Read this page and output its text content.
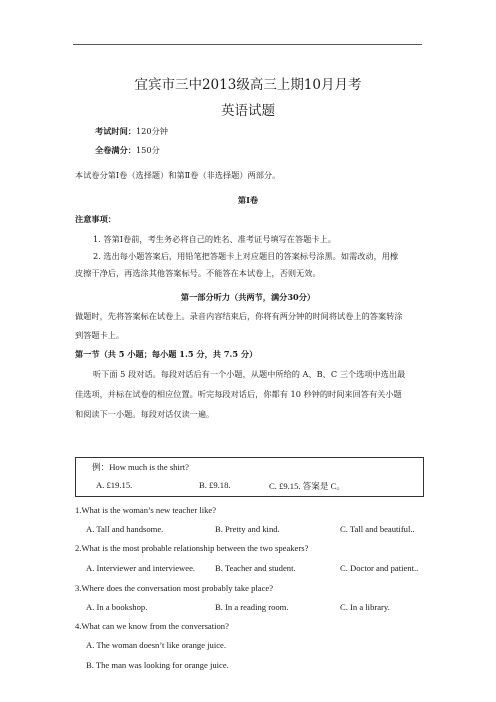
宜宾市三中2013级高三上期10月月考
英语试题
考试时间：120分钟
全卷满分：150分
本试卷分第Ⅰ卷（选择题）和第Ⅱ卷（非选择题）两部分。
第Ⅰ卷
注意事项：
1. 答第Ⅰ卷前，考生务必将自己的姓名、准考证号填写在答题卡上。
2. 选出每小题答案后，用铅笔把答题卡上对应题目的答案标号涂黑。如需改动，用橡
皮擦干净后，再选涂其他答案标号。不能答在本试卷上，否则无效。
第一部分听力（共两节，满分30分）
做题时，先将答案标在试卷上。录音内容结束后，你将有两分钟的时间将试卷上的答案转涂
到答题卡上。
第一节（共 5 小题；每小题 1.5 分，共 7.5 分）
听下面 5 段对话。每段对话后有一个小题，从题中所给的 A、B、C 三个选项中选出最
佳选项，并标在试卷的相应位置。听完每段对话后，你都有 10 秒钟的时间来回答有关小题
和阅读下一小题。每段对话仅读一遍。
例：How much is the shirt?
A. £19.15.	B. £9.18.	C. £9.15. 答案是 C。
1.What is the woman’s new teacher like?
A. Tall and handsome.	B. Pretty and kind.	C. Tall and beautiful..
2.What is the most probable relationship between the two speakers?
A. Interviewer and interviewee. B. Teacher and student.	C. Doctor and patient..
3.Where does the conversation most probably take place?
A. In a bookshop.	B. In a reading room.	C. In a library.
4.What can we know from the conversation?
A. The woman doesn’t like orange juice.
B. The man was looking for orange juice.
